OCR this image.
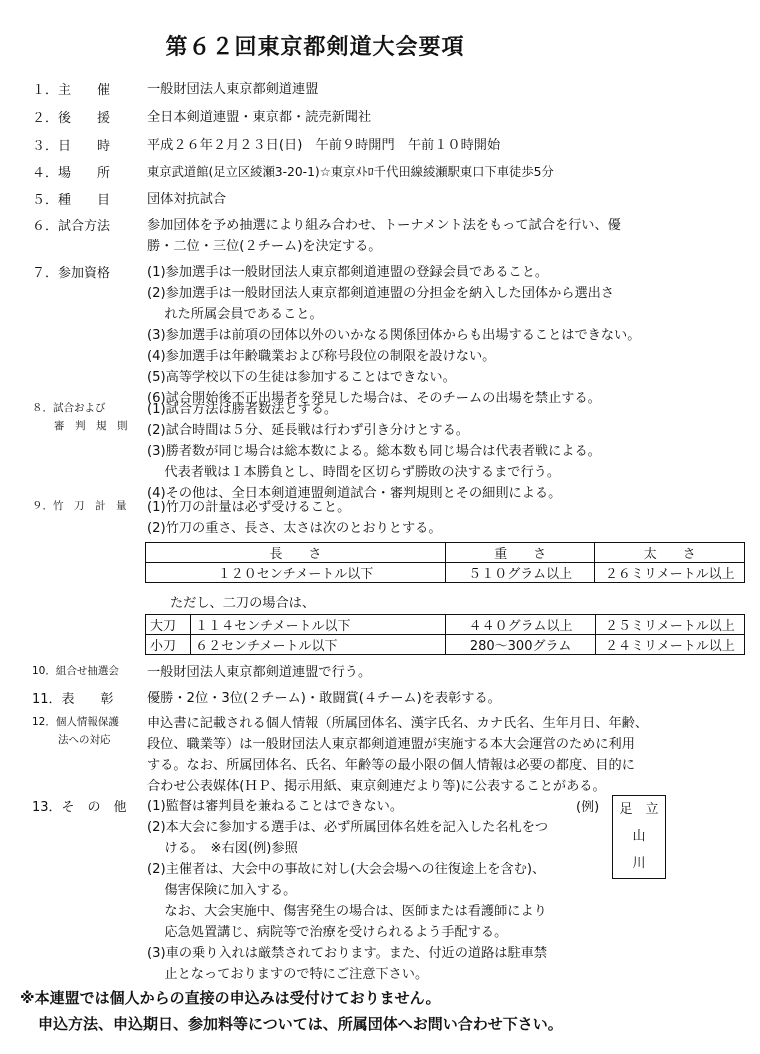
第６２回東京都剣道大会要項
１．主　　催	一般財団法人東京都剣道連盟
２．後　　援	全日本剣道連盟・東京都・読売新聞社
３．日　　時	平成２６年２月２３日(日)　午前９時開門　午前１０時開始
４．場　　所	東京武道館(足立区綾瀬3-20-1)☆東京ﾒﾄﾛ千代田線綾瀬駅東口下車徒歩5分
５．種　　目	団体対抗試合
６．試合方法	参加団体を予め抽選により組み合わせ、トーナメント法をもって試合を行い、優
勝・二位・三位(２チーム)を決定する。
７．参加資格	(1)参加選手は一般財団法人東京都剣道連盟の登録会員であること。
(2)参加選手は一般財団法人東京都剣道連盟の分担金を納入した団体から選出さ
　 れた所属会員であること。
(3)参加選手は前項の団体以外のいかなる関係団体からも出場することはできない。
(4)参加選手は年齢職業および称号段位の制限を設けない。
(5)高等学校以下の生徒は参加することはできない。
(6)試合開始後不正出場者を発見した場合は、そのチームの出場を禁止する。
８．試合および
審　判　規　則
(1)試合方法は勝者数法とする。
(2)試合時間は５分、延長戦は行わず引き分けとする。
(3)勝者数が同じ場合は総本数による。総本数も同じ場合は代表者戦による。
　 代表者戦は１本勝負とし、時間を区切らず勝敗の決するまで行う。
(4)その他は、全日本剣道連盟剣道試合・審判規則とその細則による。
９．竹　刀　計　量	(1)竹刀の計量は必ず受けること。
(2)竹刀の重さ、長さ、太さは次のとおりとする。
長　　さ	重　　さ	太　　さ
１２０センチメートル以下	５１０グラム以上	２６ミリメートル以上
ただし、二刀の場合は、
大刀	１１４センチメートル以下	４４０グラム以上	２５ミリメートル以上
小刀	６２センチメートル以下	280～300グラム	２４ミリメートル以上
10．組合せ抽選会	一般財団法人東京都剣道連盟で行う。
11．表　　彰	優勝・2位・3位(２チーム)・敢闘賞(４チーム)を表彰する。
12．個人情報保護
法への対応
申込書に記載される個人情報（所属団体名、漢字氏名、カナ氏名、生年月日、年齢、
段位、職業等）は一般財団法人東京都剣道連盟が実施する本大会運営のために利用
する。なお、所属団体名、氏名、年齢等の最小限の個人情報は必要の都度、目的に
合わせ公表媒体(ＨＰ、掲示用紙、東京剣連だより等)に公表することがある。
13．そ　の　他	(1)監督は審判員を兼ねることはできない。
(2)本大会に参加する選手は、必ず所属団体名姓を記入した名札をつ
　 ける。　※右図(例)参照
(2)主催者は、大会中の事故に対し(大会会場への往復途上を含む)、
　 傷害保険に加入する。
　 なお、大会実施中、傷害発生の場合は、医師または看護師により
　 応急処置講じ、病院等で治療を受けられるよう手配する。
(3)車の乗り入れは厳禁されております。また、付近の道路は駐車禁
　 止となっておりますので特にご注意下さい。
(例)	足　立
山
川
※本連盟では個人からの直接の申込みは受付けておりません。
申込方法、申込期日、参加料等については、所属団体へお問い合わせ下さい。
